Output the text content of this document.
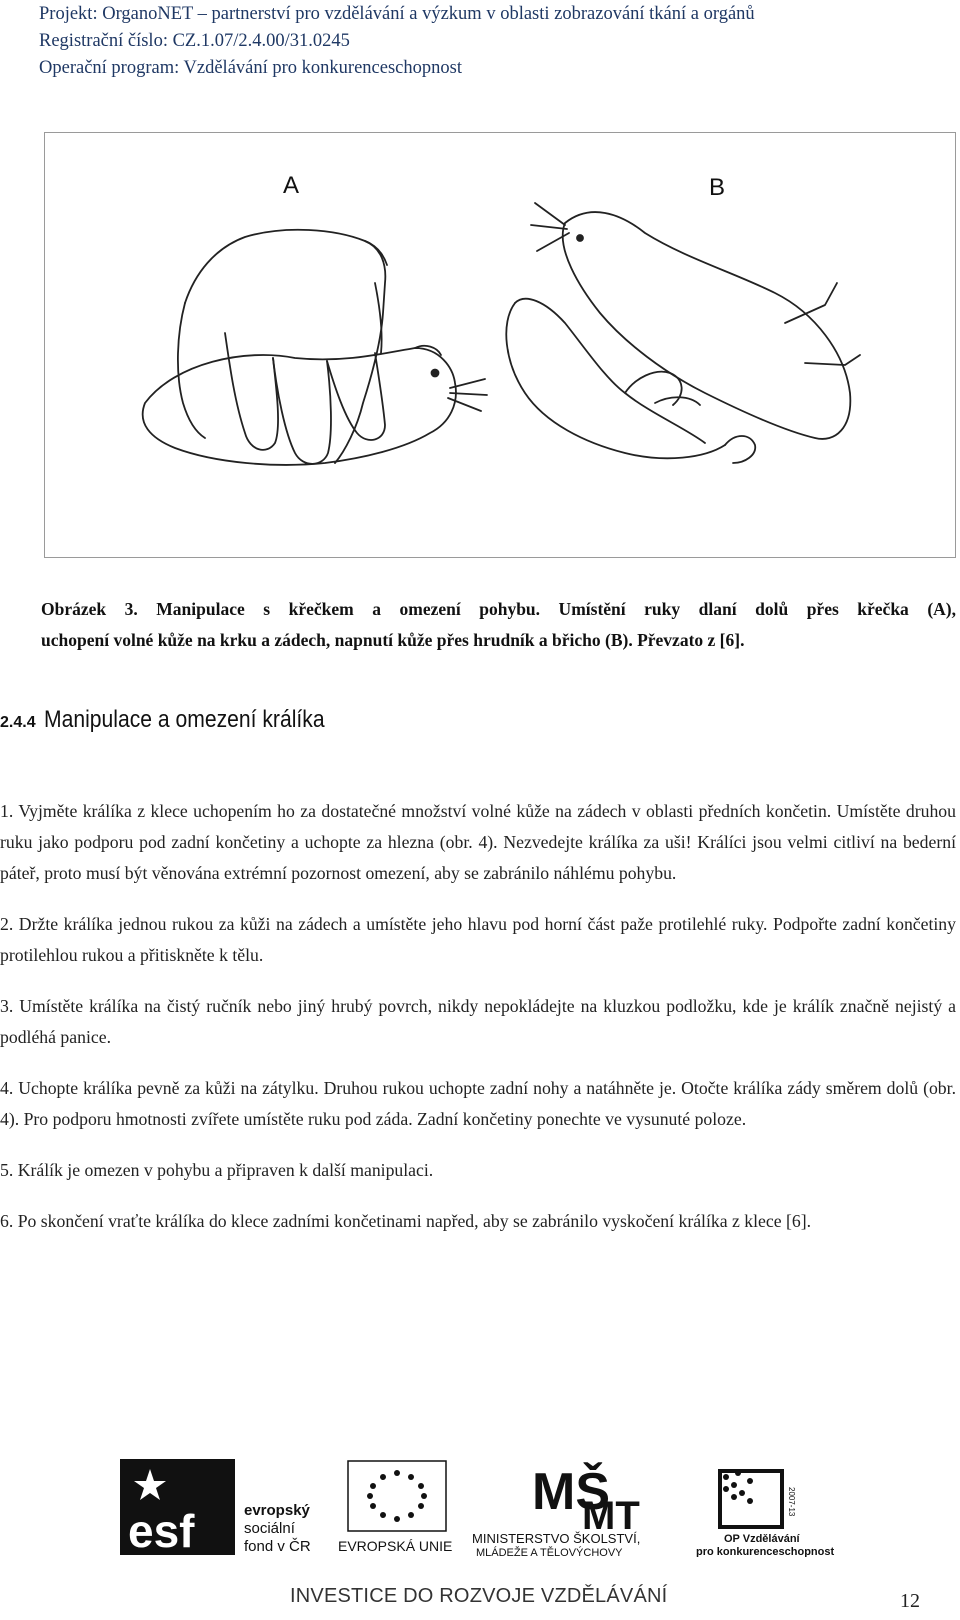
Projekt: OrganoNET – partnerství pro vzdělávání a výzkum v oblasti zobrazování tkání a orgánů
Registrační číslo: CZ.1.07/2.4.00/31.0245
Operační program: Vzdělávání pro konkurenceschopnost
A	B
Obrázek 3. Manipulace s křečkem a omezení pohybu. Umístění ruky dlaní dolů přes křečka (A),
uchopení volné kůže na krku a zádech, napnutí kůže přes hrudník a břicho (B). Převzato z [6].
2.4.4 Manipulace a omezení králíka

1. Vyjměte králíka z klece uchopením ho za dostatečné množství volné kůže na zádech v oblasti předních končetin. Umístěte druhou ruku jako podporu pod zadní končetiny a uchopte za hlezna (obr. 4). Nezvedejte králíka za uši! Králíci jsou velmi citliví na bederní páteř, proto musí být věnována extrémní pozornost omezení, aby se zabránilo náhlému pohybu.

2. Držte králíka jednou rukou za kůži na zádech a umístěte jeho hlavu pod horní část paže protilehlé ruky. Podpořte zadní končetiny protilehlou rukou a přitiskněte k tělu.

3. Umístěte králíka na čistý ručník nebo jiný hrubý povrch, nikdy nepokládejte na kluzkou podložku, kde je králík značně nejistý a podléhá panice.

4. Uchopte králíka pevně za kůži na zátylku. Druhou rukou uchopte zadní nohy a natáhněte je. Otočte králíka zády směrem dolů (obr. 4). Pro podporu hmotnosti zvířete umístěte ruku pod záda. Zadní končetiny ponechte ve vysunuté poloze.

5. Králík je omezen v pohybu a připraven k další manipulaci.

6. Po skončení vraťte králíka do klece zadními končetinami napřed, aby se zabránilo vyskočení králíka z klece [6].

esf	evropský
sociální
fond v ČR EVROPSKÁ UNIE
MŠ
MT
MINISTERSTVO ŠKOLSTVÍ,
MLÁDEŽE A TĚLOVÝCHOVY
2007-13
OP Vzdělávání
pro konkurenceschopnost
INVESTICE DO ROZVOJE VZDĚLÁVÁNÍ	12
